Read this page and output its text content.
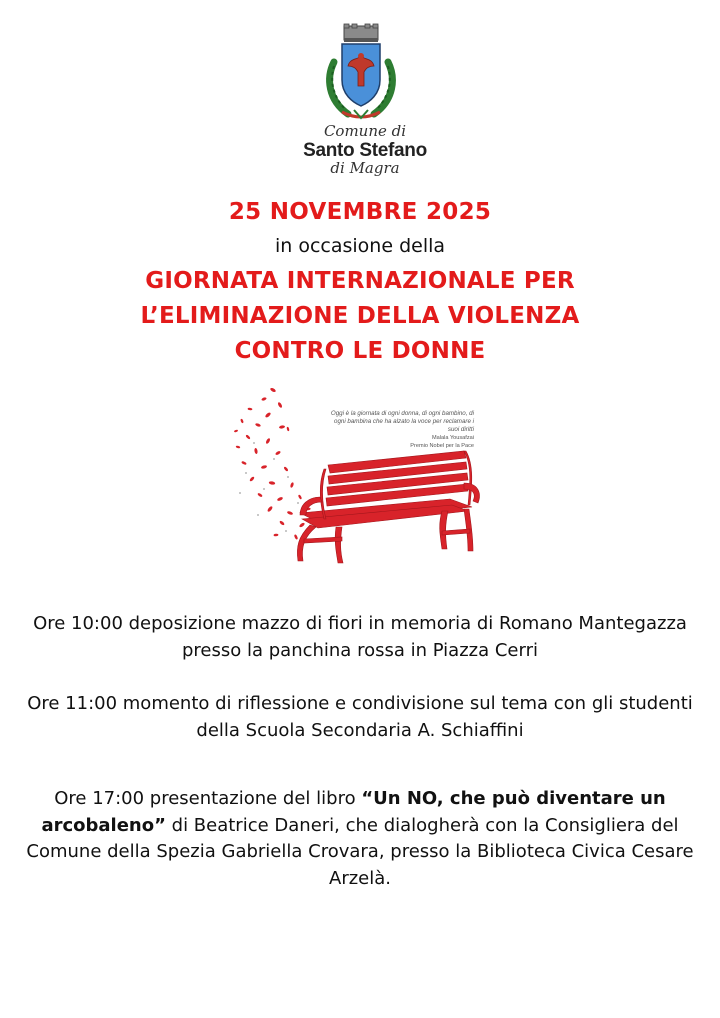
Comune di
Santo Stefano
di Magra
25 NOVEMBRE 2025
in occasione della
GIORNATA INTERNAZIONALE PER
L’ELIMINAZIONE DELLA VIOLENZA
CONTRO LE DONNE
Oggi è la giornata di ogni donna, di ogni bambino, di ogni bambina che ha alzato la voce per reclamare i suoi diritti
Malala Yousafzai
Premio Nobel per la Pace

Ore 10:00 deposizione mazzo di fiori in memoria di Romano Mantegazza presso la panchina rossa in Piazza Cerri

Ore 11:00 momento di riflessione e condivisione sul tema con gli studenti della Scuola Secondaria A. Schiaffini

Ore 17:00 presentazione del libro “Un NO, che può diventare un arcobaleno” di Beatrice Daneri, che dialogherà con la Consigliera del Comune della Spezia Gabriella Crovara, presso la Biblioteca Civica Cesare Arzelà.
